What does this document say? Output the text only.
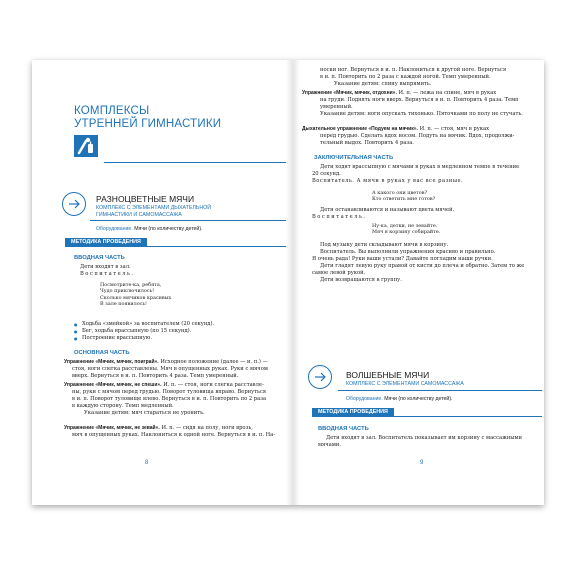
КОМПЛЕКСЫ
УТРЕННЕЙ ГИМНАСТИКИ
РАЗНОЦВЕТНЫЕ МЯЧИ
КОМПЛЕКС С ЭЛЕМЕНТАМИ ДЫХАТЕЛЬНОЙ
ГИМНАСТИКИ И САМОМАССАЖА
Оборудование. Мячи (по количеству детей).
МЕТОДИКА ПРОВЕДЕНИЯ
ВВОДНАЯ ЧАСТЬ
Дети входят в зал.
Воспитатель.
Посмотрите-ка, ребята,
Чудо приключилось!
Сколько мячиков красивых
В зале появилось!
● Ходьба «змейкой» за воспитателем (20 секунд).
● Бег, ходьба врассыпную (по 15 секунд).
● Построение врассыпную.
ОСНОВНАЯ ЧАСТЬ
Упражнение «Мячик, мячик, поиграй». Исходное положение (далее — и. п.) —
стоя, ноги слегка расставлены. Мяч в опущенных руках. Руки с мячом
вверх. Вернуться в и. п. Повторить 4 раза. Темп умеренный.
Упражнение «Мячик, мячик, не спеши». И. п. — стоя, ноги слегка расставле-
ны, руки с мячом перед грудью. Поворот туловища вправо. Вернуться
в и. п. Поворот туловище влево. Вернуться в и. п. Повторить по 2 раза
в каждую сторону. Темп медленный.
Указание детям: мяч стараться не уронить.
Упражнение «Мячик, мячик, не зевай». И. п. — сидя на полу, ноги врозь,
мяч в опущенных руках. Наклониться к одной ноге. Вернуться в и. п. На-
8
носки ног. Вернуться в и. п. Наклониться к другой ноге. Вернуться
в и. п. Повторить по 2 раза с каждой ногой. Темп умеренный.
Указание детям: спину выпрямить.
Упражнение «Мячик, мячик, отдохни». И. п. — лежа на спине, мяч в руках
на груди. Поднять ноги вверх. Вернуться в и. п. Повторить 4 раза. Темп
умеренный.
Указание детям: ноги опускать тихонько. Пяточками по полу не стучать.
Дыхательное упражнение «Подуем на мячик». И. п. — стоя, мяч в руках
перед грудью. Сделать вдох носом. Подуть на мячик. Вдох, продолжи-
тельный выдох. Повторить 4 раза.
ЗАКЛЮЧИТЕЛЬНАЯ ЧАСТЬ
Дети ходят врассыпную с мячами в руках в медленном темпе в течение
20 секунд.
Воспитатель. А мячи в руках у вас все разные.
А какого они цветов?
Кто ответить мне готов?
Дети останавливаются и называют цвета мячей.
Воспитатель.
Ну-ка, детки, не зевайте.
Мяч в корзину собирайте.
Под музыку дети складывают мячи в корзину.
Воспитатель. Вы выполнили упражнения красиво и правильно.
Я очень рада! Руки ваши устали? Давайте погладим наши ручки.
Дети гладят левую руку правой от кисти до плеча и обратно. Затем то же
самое левой рукой.
Дети возвращаются в группу.
ВОЛШЕБНЫЕ МЯЧИ
КОМПЛЕКС С ЭЛЕМЕНТАМИ САМОМАССАЖА
Оборудование. Мячи (по количеству детей).
МЕТОДИКА ПРОВЕДЕНИЯ
ВВОДНАЯ ЧАСТЬ
Дети входят в зал. Воспитатель показывает им корзину с массажными
мячами.
9
